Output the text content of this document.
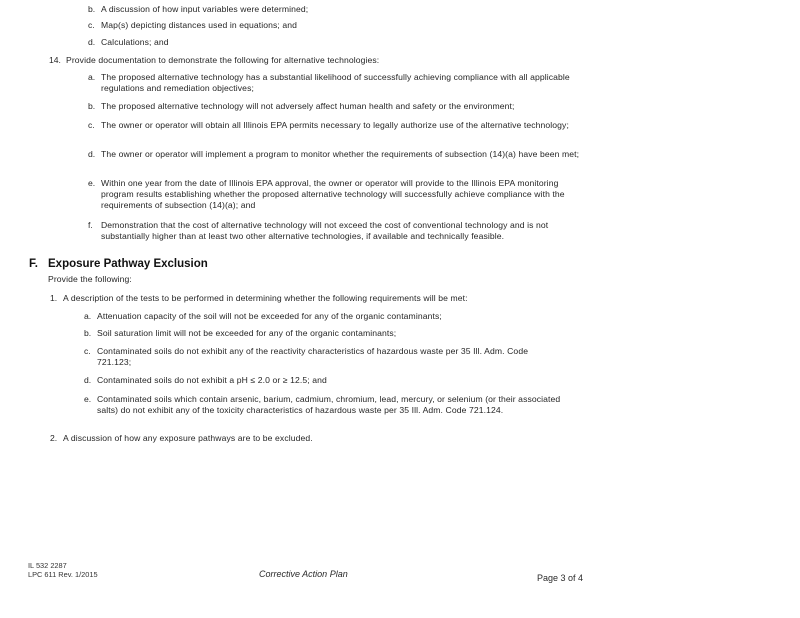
b. A discussion of how input variables were determined;
c. Map(s) depicting distances used in equations; and
d. Calculations; and
14. Provide documentation to demonstrate the following for alternative technologies:
a. The proposed alternative technology has a substantial likelihood of successfully achieving compliance with all applicable regulations and remediation objectives;
b. The proposed alternative technology will not adversely affect human health and safety or the environment;
c. The owner or operator will obtain all Illinois EPA permits necessary to legally authorize use of the alternative technology;
d. The owner or operator will implement a program to monitor whether the requirements of subsection (14)(a) have been met;
e. Within one year from the date of Illinois EPA approval, the owner or operator will provide to the Illinois EPA monitoring program results establishing whether the proposed alternative technology will successfully achieve compliance with the requirements of subsection (14)(a); and
f. Demonstration that the cost of alternative technology will not exceed the cost of conventional technology and is not substantially higher than at least two other alternative technologies, if available and technically feasible.
F. Exposure Pathway Exclusion
Provide the following:
1. A description of the tests to be performed in determining whether the following requirements will be met:
a. Attenuation capacity of the soil will not be exceeded for any of the organic contaminants;
b. Soil saturation limit will not be exceeded for any of the organic contaminants;
c. Contaminated soils do not exhibit any of the reactivity characteristics of hazardous waste per 35 Ill. Adm. Code 721.123;
d. Contaminated soils do not exhibit a pH ≤ 2.0 or ≥ 12.5; and
e. Contaminated soils which contain arsenic, barium, cadmium, chromium, lead, mercury, or selenium (or their associated salts) do not exhibit any of the toxicity characteristics of hazardous waste per 35 Ill. Adm. Code 721.124.
2. A discussion of how any exposure pathways are to be excluded.
IL 532 2287
LPC 611 Rev. 1/2015	Corrective Action Plan	Page 3 of 4
